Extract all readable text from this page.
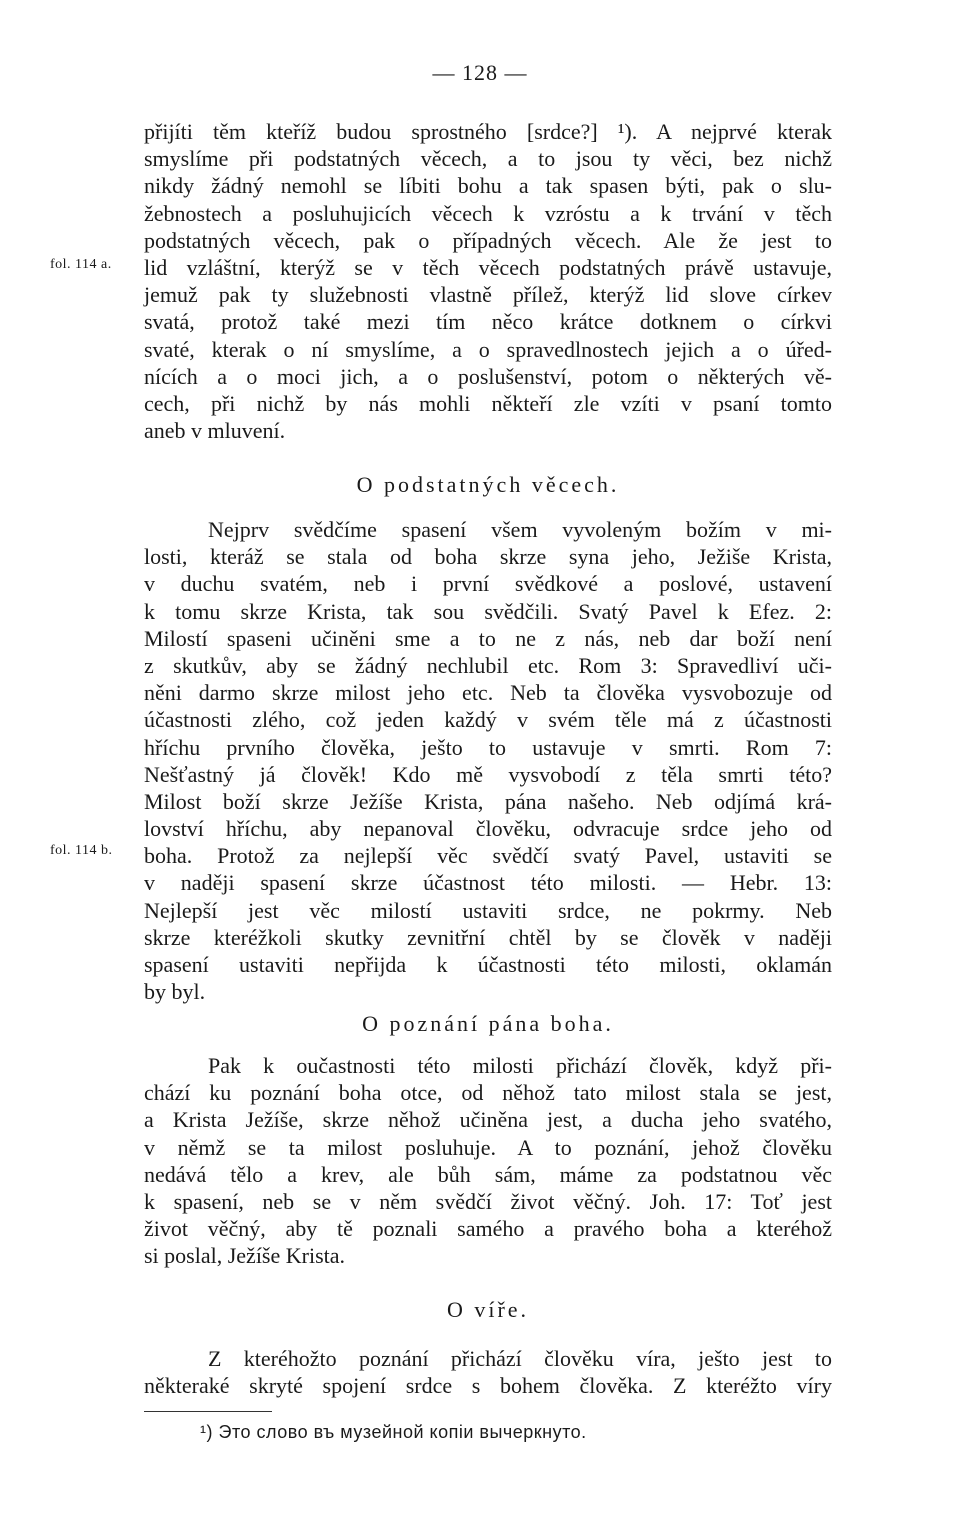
— 128 —
fol. 114 a.
fol. 114 b.
přijíti těm kteříž budou sprostného [srdce?] ¹). A nejprvé kterak
smyslíme při podstatných věcech, a to jsou ty věci, bez nichž
nikdy žádný nemohl se líbiti bohu a tak spasen býti, pak o slu-
žebnostech a posluhujicích věcech k vzróstu a k trvání v těch
podstatných věcech, pak o případných věcech. Ale že jest to
lid vzláštní, kterýž se v těch věcech podstatných právě ustavuje,
jemuž pak ty služebnosti vlastně přílež, kterýž lid slove církev
svatá, protož také mezi tím něco krátce dotknem o církvi
svaté, kterak o ní smyslíme, a o spravedlnostech jejich a o úřed-
nících a o moci jich, a o poslušenství, potom o některých vě-
cech, při nichž by nás mohli někteří zle vzíti v psaní tomto
aneb v mluvení.
O podstatných věcech.
Nejprv svědčíme spasení všem vyvoleným božím v mi-
losti, kteráž se stala od boha skrze syna jeho, Ježiše Krista,
v duchu svatém, neb i první svědkové a poslové, ustavení
k tomu skrze Krista, tak sou svědčili. Svatý Pavel k Efez. 2:
Milostí spaseni učiněni sme a to ne z nás, neb dar boží není
z skutkův, aby se žádný nechlubil etc. Rom 3: Spravedliví uči-
něni darmo skrze milost jeho etc. Neb ta člověka vysvobozuje od
účastnosti zlého, což jeden každý v svém těle má z účastnosti
hříchu prvního člověka, ješto to ustavuje v smrti. Rom 7:
Nešťastný já člověk! Kdo mě vysvobodí z těla smrti této?
Milost boží skrze Ježíše Krista, pána našeho. Neb odjímá krá-
lovství hříchu, aby nepanoval člověku, odvracuje srdce jeho od
boha. Protož za nejlepší věc svědčí svatý Pavel, ustaviti se
v naději spasení skrze účastnost této milosti. — Hebr. 13:
Nejlepší jest věc milostí ustaviti srdce, ne pokrmy. Neb
skrze kteréžkoli skutky zevnitřní chtěl by se člověk v naději
spasení ustaviti nepřijda k účastnosti této milosti, oklamán
by byl.
O poznání pána boha.
Pak k oučastnosti této milosti přichází člověk, když při-
chází ku poznání boha otce, od něhož tato milost stala se jest,
a Krista Ježíše, skrze něhož učiněna jest, a ducha jeho svatého,
v němž se ta milost posluhuje. A to poznání, jehož člověku
nedává tělo a krev, ale bůh sám, máme za podstatnou věc
k spasení, neb se v něm svědčí život věčný. Joh. 17: Toť jest
život věčný, aby tě poznali samého a pravého boha a kteréhož
si poslal, Ježíše Krista.
O víře.
Z kteréhožto poznání přichází člověku víra, ješto jest to
některaké skryté spojení srdce s bohem člověka. Z kteréžto víry
¹) Это слово въ музейной копіи вычеркнуто.
